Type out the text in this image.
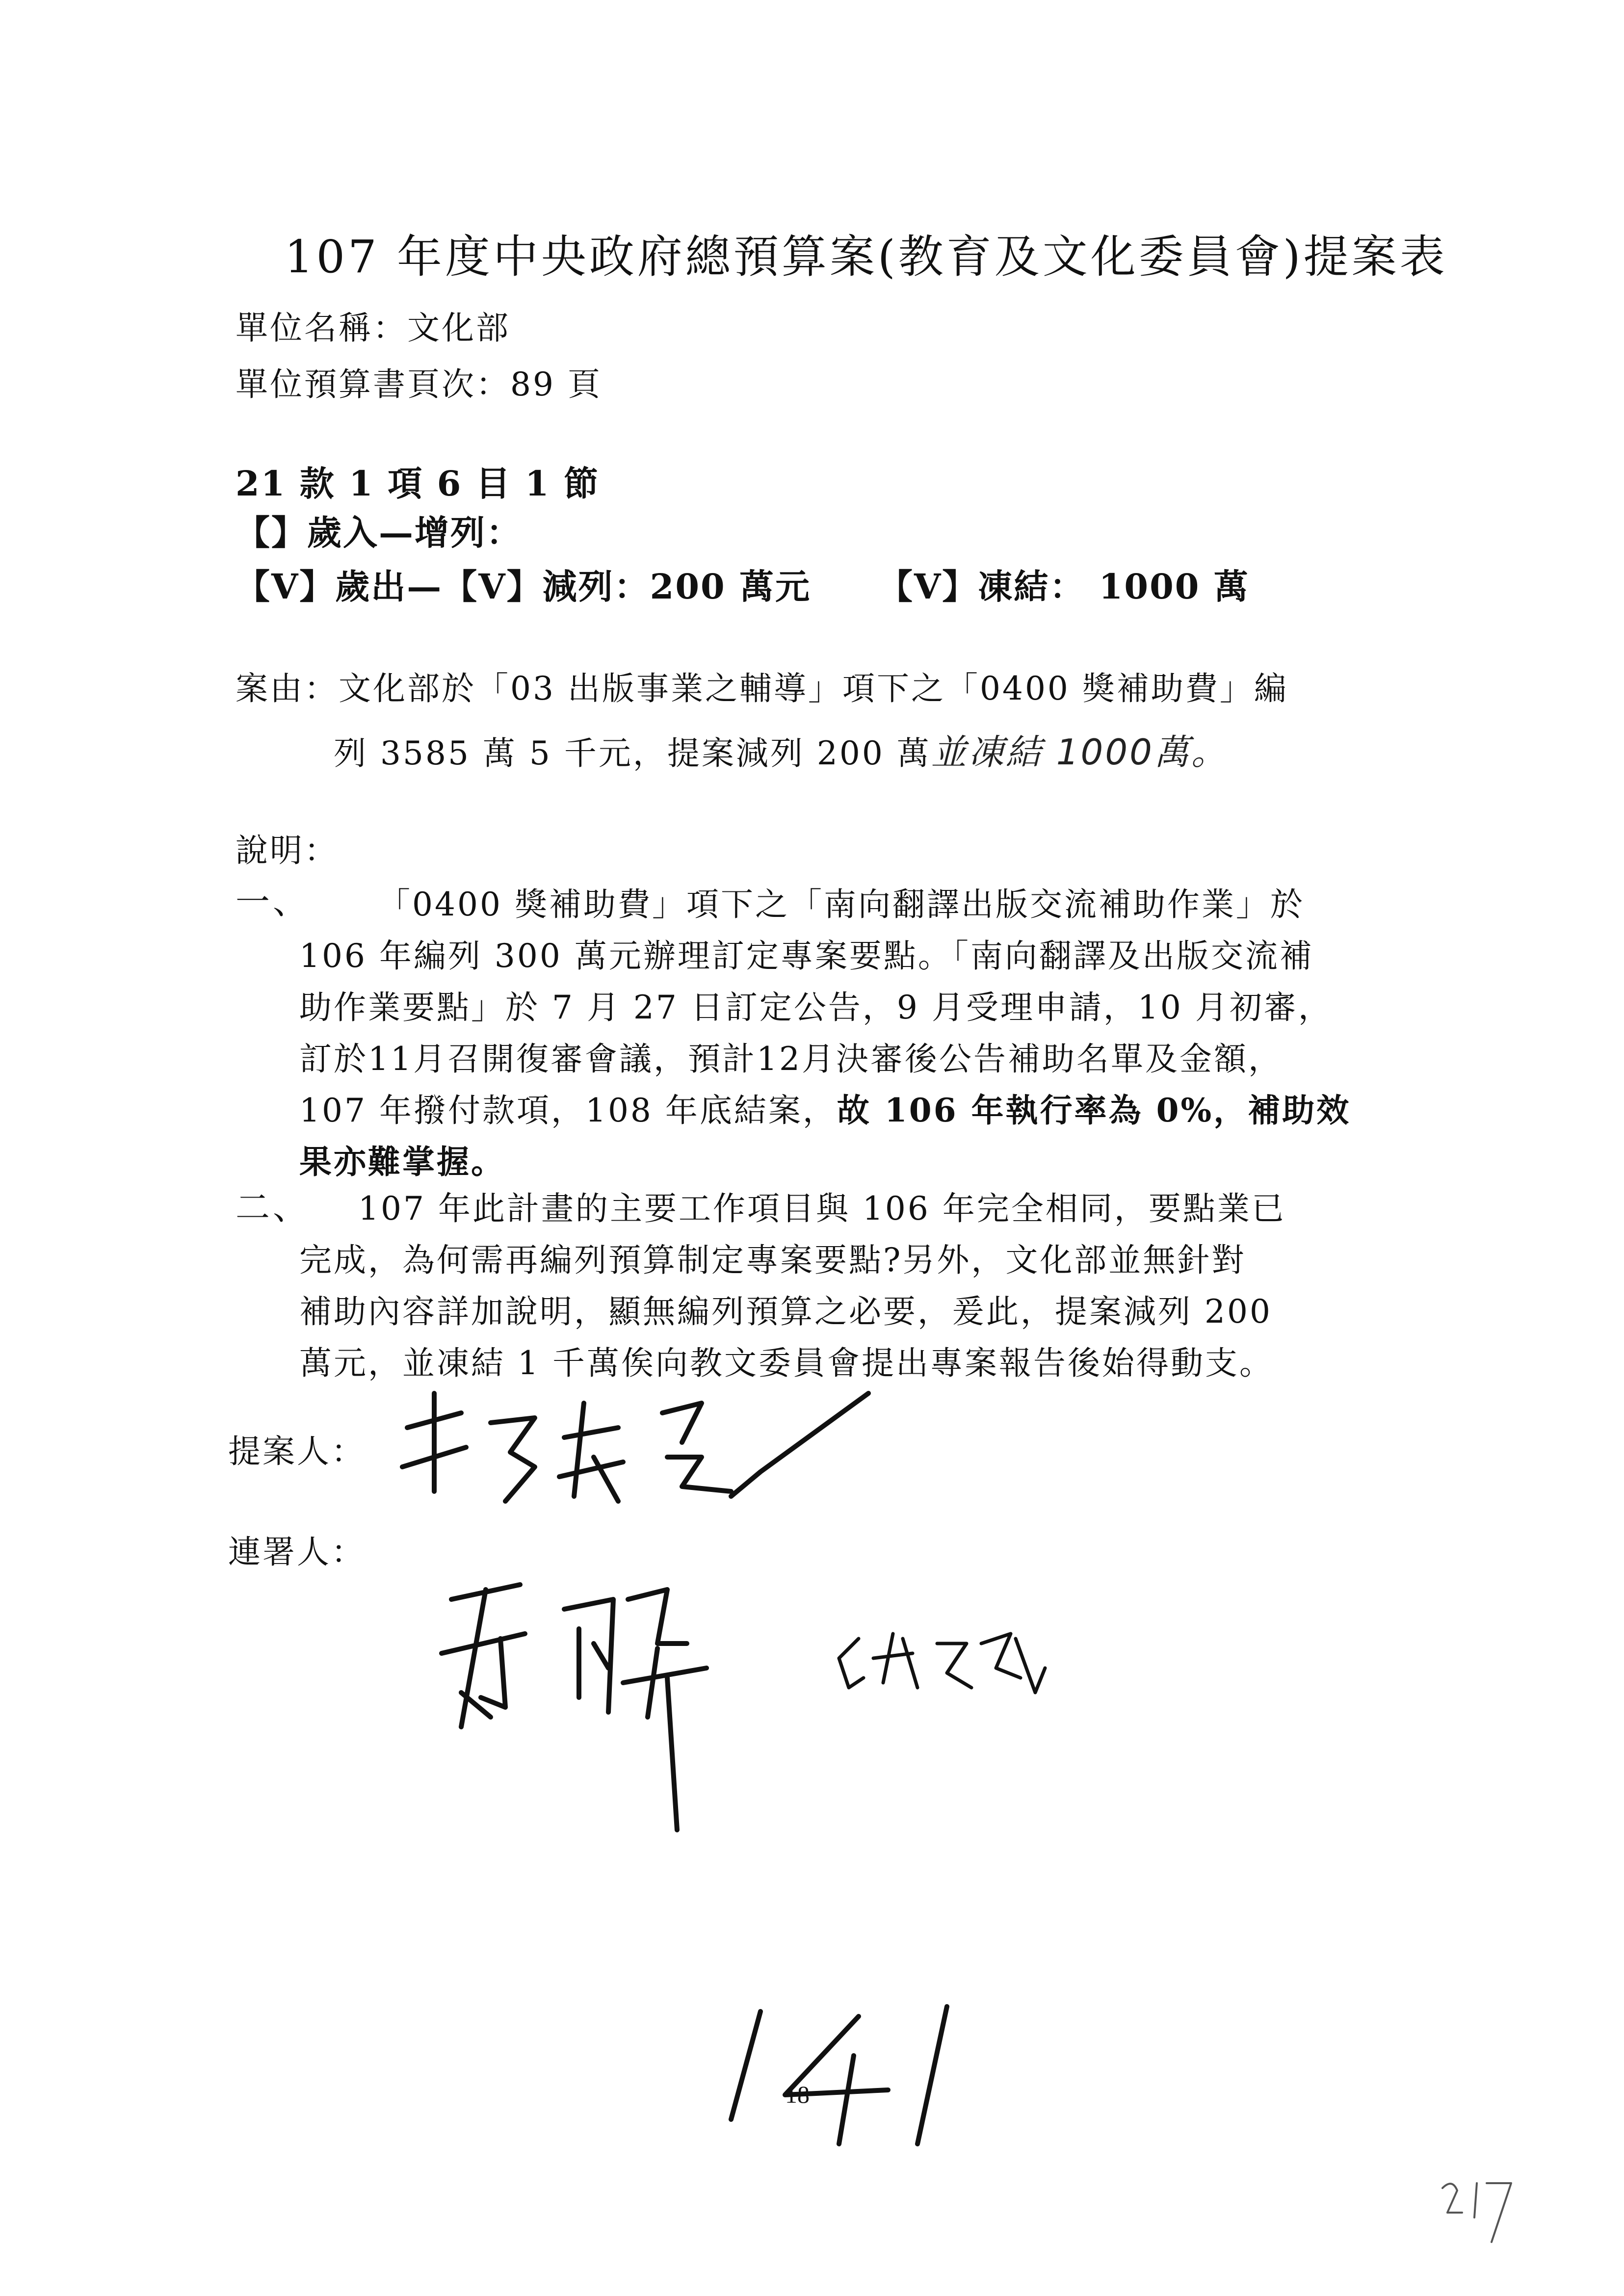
107 年度中央政府總預算案(教育及文化委員會)提案表
單位名稱：文化部
單位預算書頁次：89 頁
21 款 1 項 6 目 1 節
【】歲入—增列：
【V】歲出—【V】減列：200 萬元 【V】凍結： 1000 萬
案由：文化部於「03 出版事業之輔導」項下之「0400 獎補助費」編
列 3585 萬 5 千元，提案減列 200 萬並凍結 1000萬。
說明：
一、 「0400 獎補助費」項下之「南向翻譯出版交流補助作業」於
106 年編列 300 萬元辦理訂定專案要點。「南向翻譯及出版交流補
助作業要點」於 7 月 27 日訂定公告，9 月受理申請，10 月初審，
訂於11月召開復審會議，預計12月決審後公告補助名單及金額，
107 年撥付款項，108 年底結案，故 106 年執行率為 0%，補助效
果亦難掌握。
二、 107 年此計畫的主要工作項目與 106 年完全相同，要點業已
完成，為何需再編列預算制定專案要點?另外，文化部並無針對
補助內容詳加說明，顯無編列預算之必要，爰此，提案減列 200
萬元，並凍結 1 千萬俟向教文委員會提出專案報告後始得動支。
提案人：
連署人：
18
